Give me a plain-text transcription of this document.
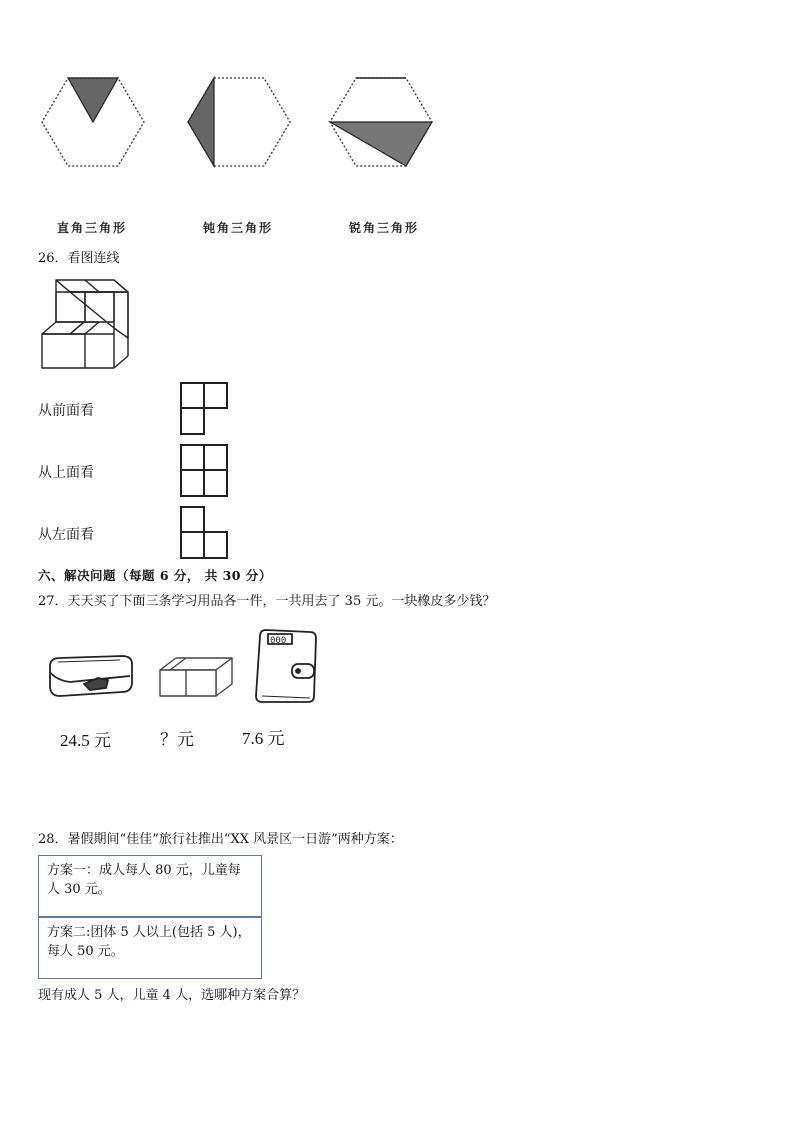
直角三角形	钝角三角形	锐角三角形
26．看图连线
从前面看
从上面看
从左面看
六、解决问题（每题 6 分， 共 30 分）
27．天天买了下面三条学习用品各一件，一共用去了 35 元。一块橡皮多少钱？
000
24.5 元	？元	7.6 元
28．暑假期间“佳佳”旅行社推出“XX 风景区一日游”两种方案：
方案一：成人每人 80 元，儿童每
人 30 元。
方案二:团体 5 人以上(包括 5 人)，
每人 50 元。
现有成人 5 人，儿童 4 人，选哪种方案合算？
